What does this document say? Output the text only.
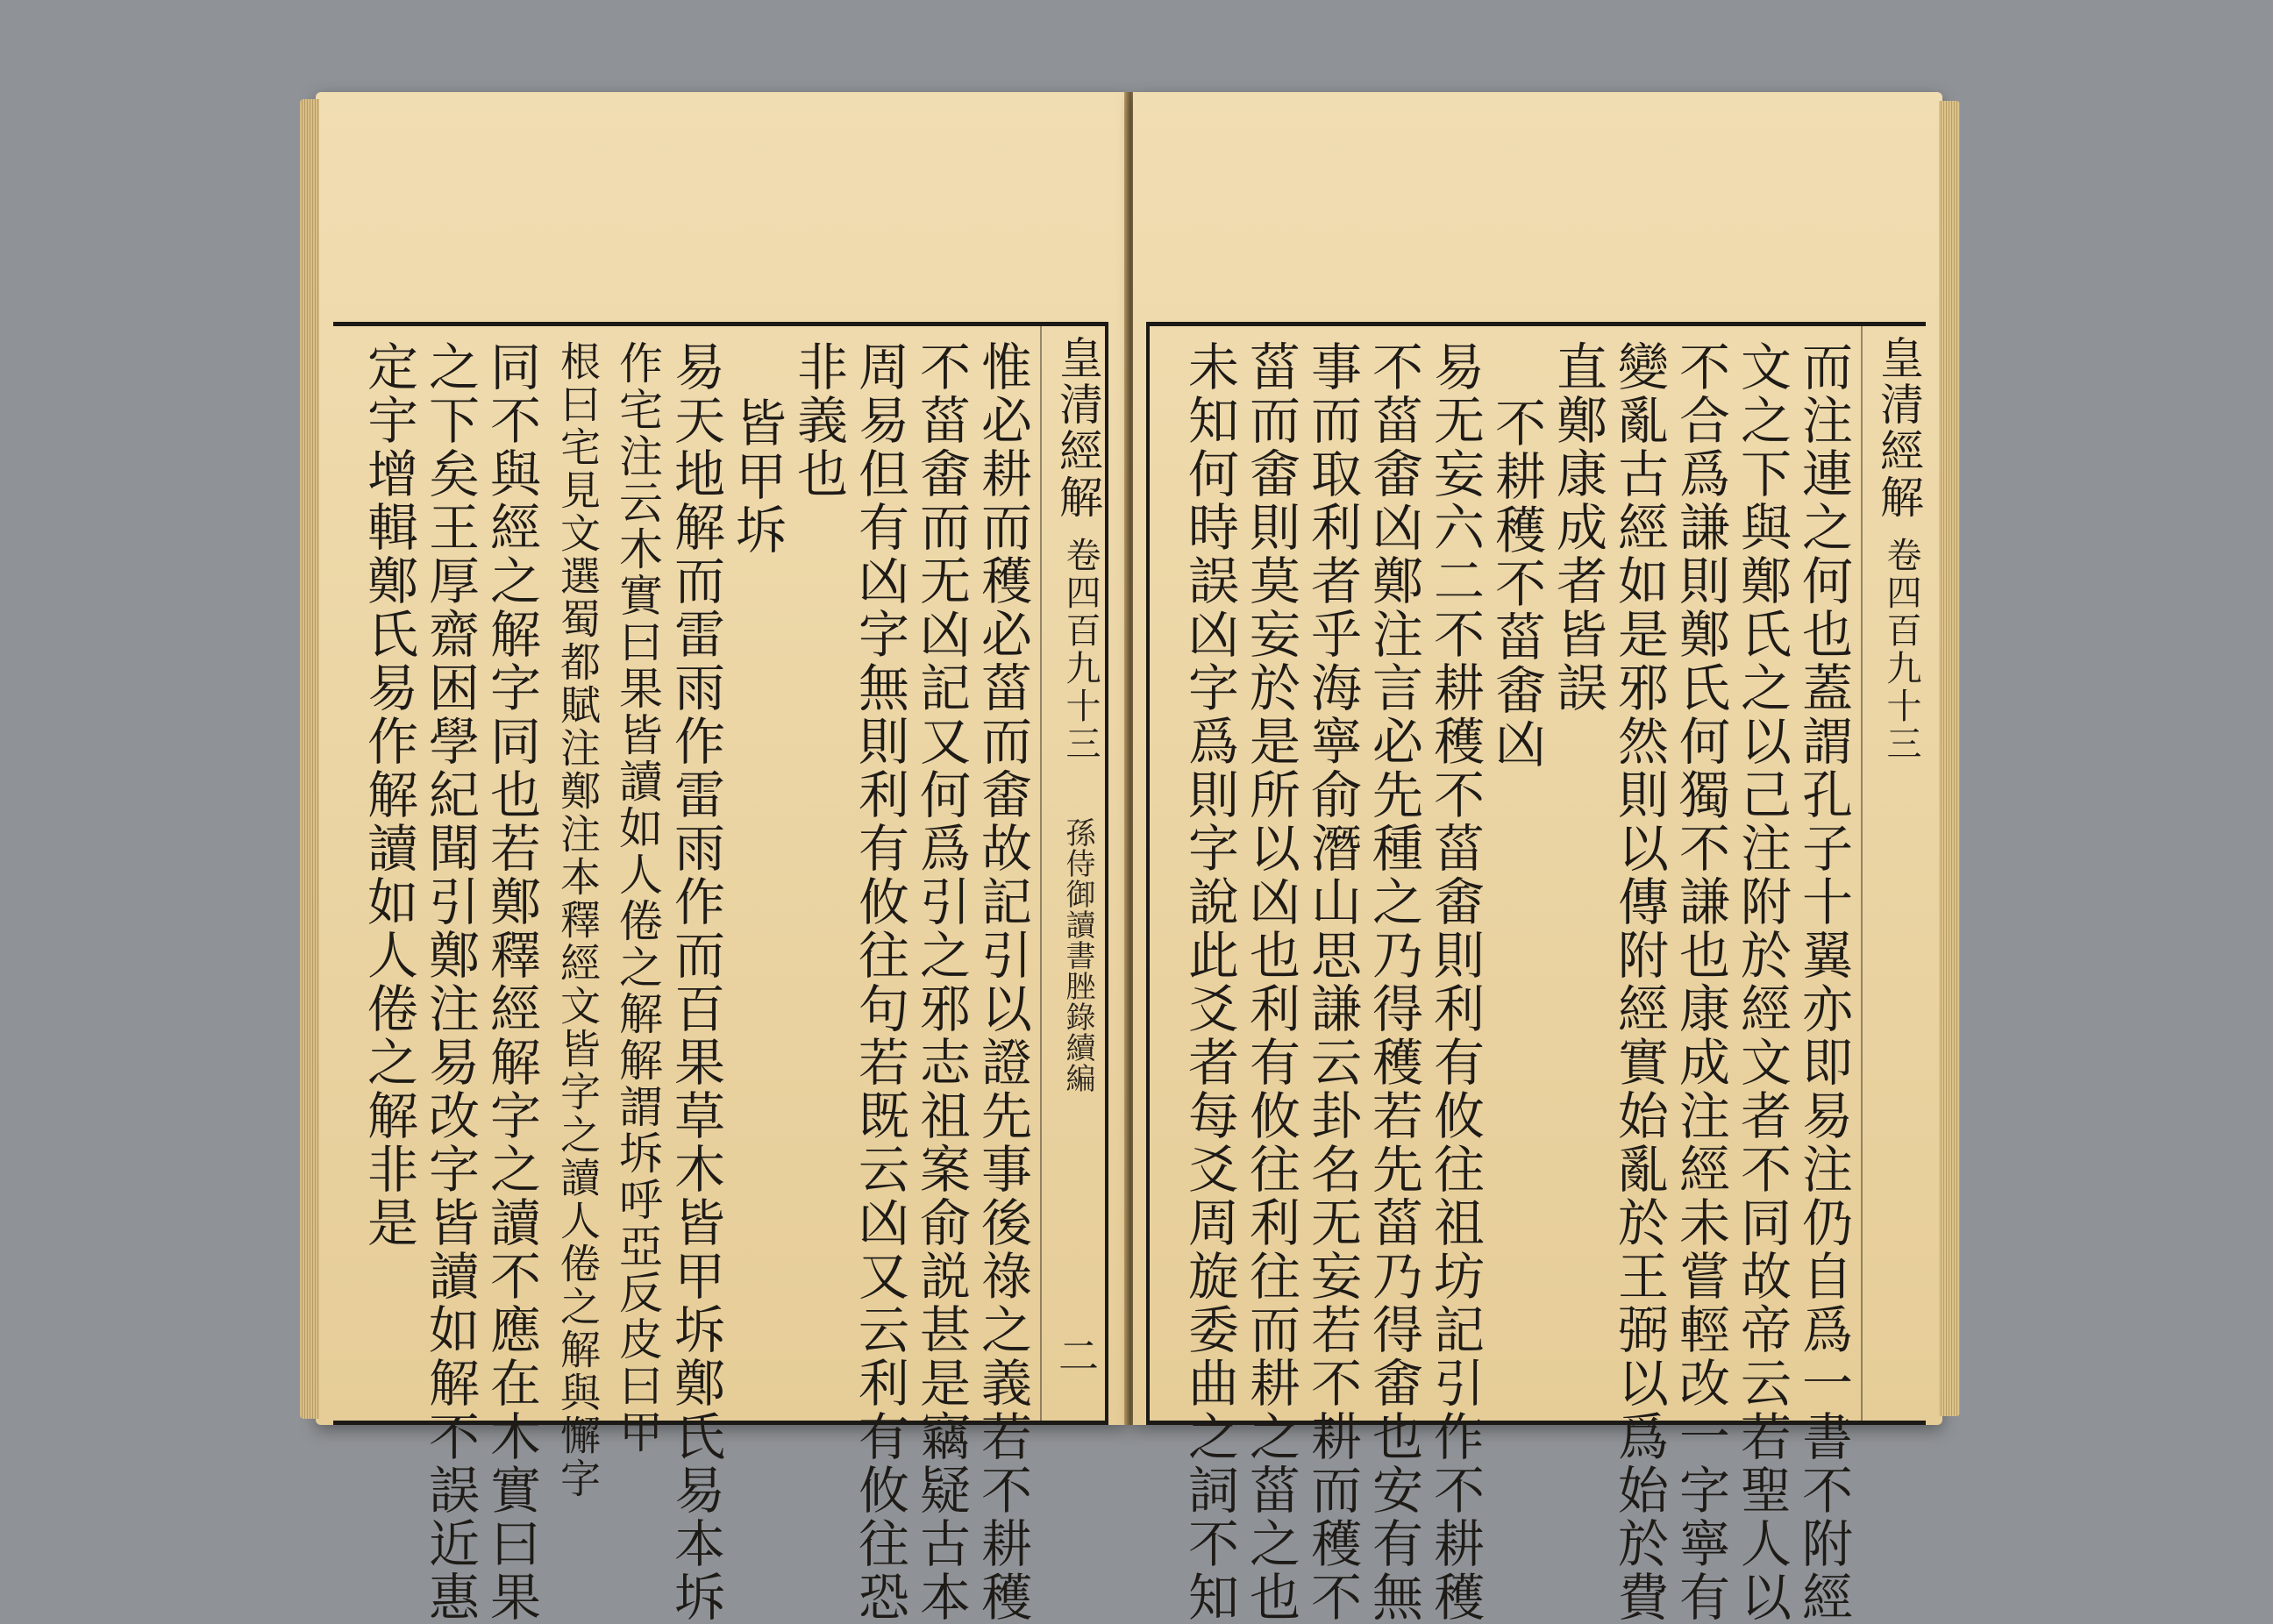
皇清經解
卷四百九十三
孫侍御讀書脞錄續編
二
惟必耕而穫必菑而畬故記引以證先事後祿之義若不耕穫
不菑畬而无凶記又何爲引之邪志祖案俞説甚是竊疑古本
周易但有凶字無則利有攸往句若既云凶又云利有攸往恐
非義也
皆甲坼
易天地解而雷雨作雷雨作而百果草木皆甲坼鄭氏易本坼
作宅注云木實曰果皆讀如人倦之解解謂坼呼亞反皮曰甲
根曰宅見文選蜀都賦注鄭注本釋經文皆字之讀人倦之解與懈字
同不與經之解字同也若鄭釋經解字之讀不應在木實曰果
之下矣王厚齋困學紀聞引鄭注易改字皆讀如解不誤近惠
定宇增輯鄭氏易作解讀如人倦之解非是	皇清經解
卷四百九十三
而注連之何也蓋謂孔子十翼亦即易注仍自爲一書不附經
文之下與鄭氏之以己注附於經文者不同故帝云若聖人以
不合爲謙則鄭氏何獨不謙也康成注經未嘗輕改一字寧有
變亂古經如是邪然則以傳附經實始亂於王弼以爲始於費
直鄭康成者皆誤
不耕穫不菑畬凶
易无妄六二不耕穫不菑畬則利有攸往祖坊記引作不耕穫
不菑畬凶鄭注言必先種之乃得穫若先菑乃得畬也安有無
事而取利者乎海寧俞潛山思謙云卦名无妄若不耕而穫不
菑而畬則莫妄於是所以凶也利有攸往利往而耕之菑之也
未知何時誤凶字爲則字說此爻者每爻周旋委曲之詞不知
